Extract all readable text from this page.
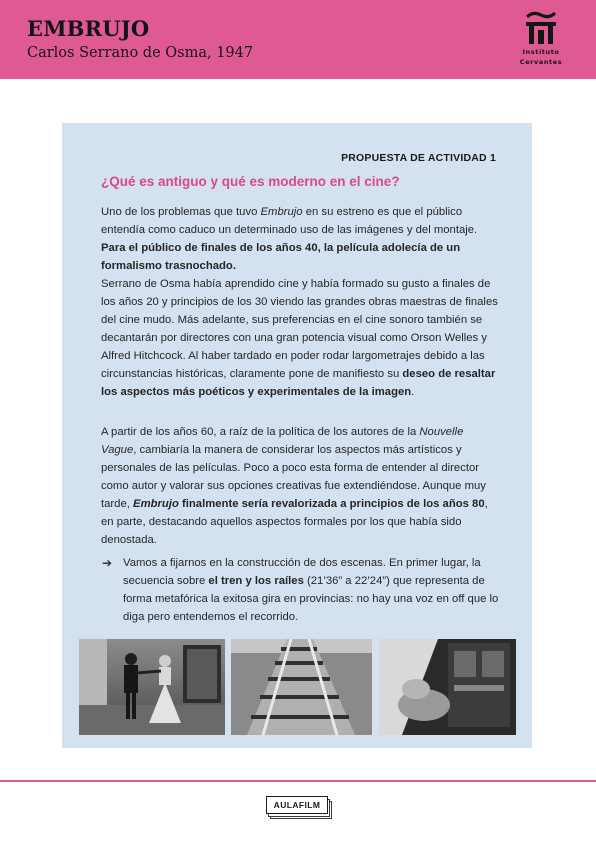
EMBRUJO

Carlos Serrano de Osma, 1947	Instituto
Cervantes
PROPUESTA DE ACTIVIDAD 1
¿Qué es antiguo y qué es moderno en el cine?

Uno de los problemas que tuvo Embrujo en su estreno es que el público entendía como caduco un determinado uso de las imágenes y del montaje. Para el público de finales de los años 40, la película adolecía de un formalismo trasnochado.

Serrano de Osma había aprendido cine y había formado su gusto a finales de los años 20 y principios de los 30 viendo las grandes obras maestras de finales del cine mudo. Más adelante, sus preferencias en el cine sonoro también se decantarán por directores con una gran potencia visual como Orson Welles y Alfred Hitchcock. Al haber tardado en poder rodar largometrajes debido a las circunstancias históricas, claramente pone de manifiesto su deseo de resaltar los aspectos más poéticos y experimentales de la imagen.

A partir de los años 60, a raíz de la política de los autores de la Nouvelle Vague, cambiaría la manera de considerar los aspectos más artísticos y personales de las películas. Poco a poco esta forma de entender al director como autor y valorar sus opciones creativas fue extendiéndose. Aunque muy tarde, Embrujo finalmente sería revalorizada a principios de los años 80, en parte, destacando aquellos aspectos formales por los que había sido denostada.

➔ Vamos a fijarnos en la construcción de dos escenas. En primer lugar, la secuencia sobre el tren y los raíles (21’36” a 22’24”) que representa de forma metafórica la exitosa gira en provincias: no hay una voz en off que lo diga pero entendemos el recorrido.

AULAFILM
